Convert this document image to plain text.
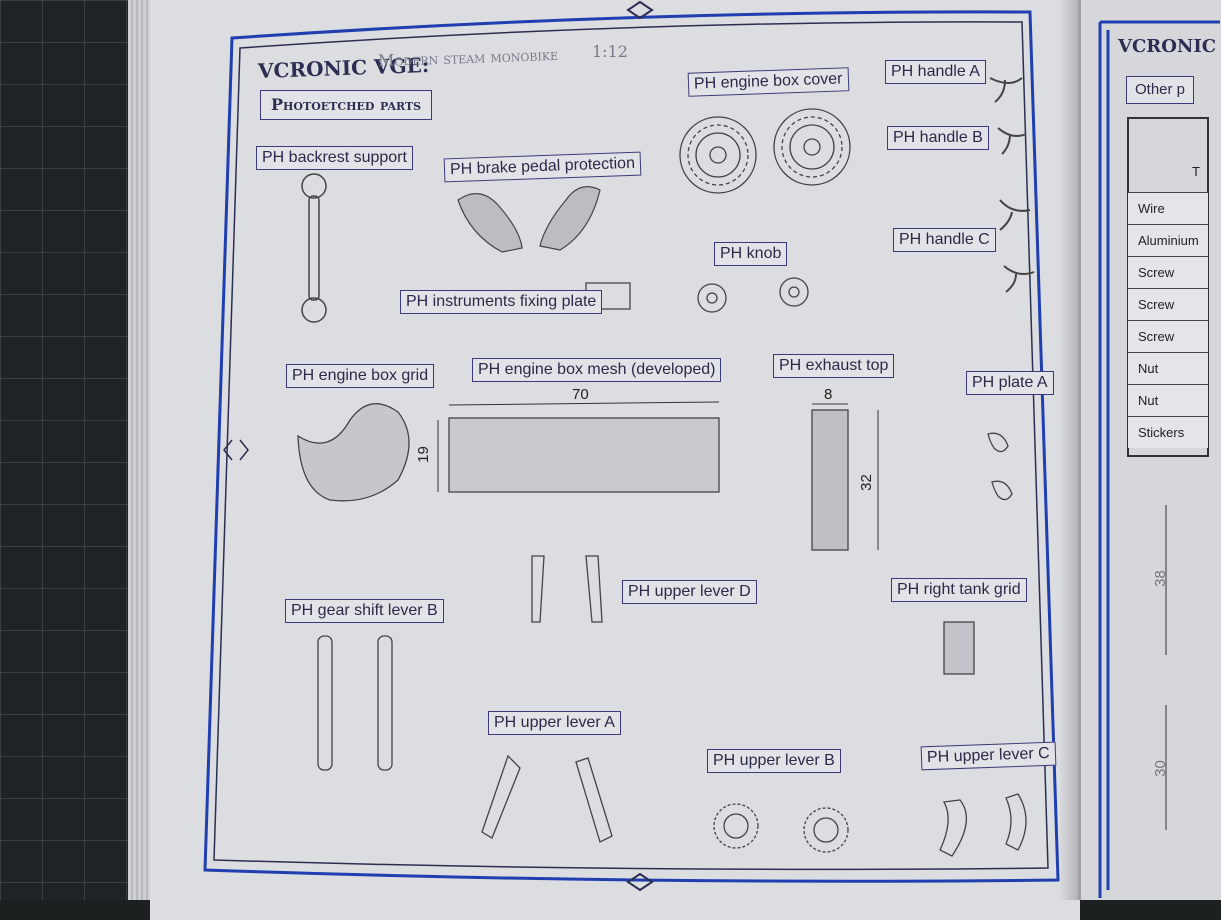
VCRONIC VGE:
Modern steam monobike 1:12
Photoetched parts
PH backrest support	PH brake pedal protection
PH engine box cover	PH handle A
PH handle B
PH handle C
PH knob
PH instruments fixing plate
PH engine box grid	PH engine box mesh (developed)	PH exhaust top
PH plate A
PH gear shift lever B
PH upper lever D	PH right tank grid
PH upper lever A
PH upper lever B	PH upper lever C
70
19
8
32
38
30
VCRONIC
Other p
T
Wire
Aluminium
Screw
Screw
Screw
Nut
Nut
Stickers
